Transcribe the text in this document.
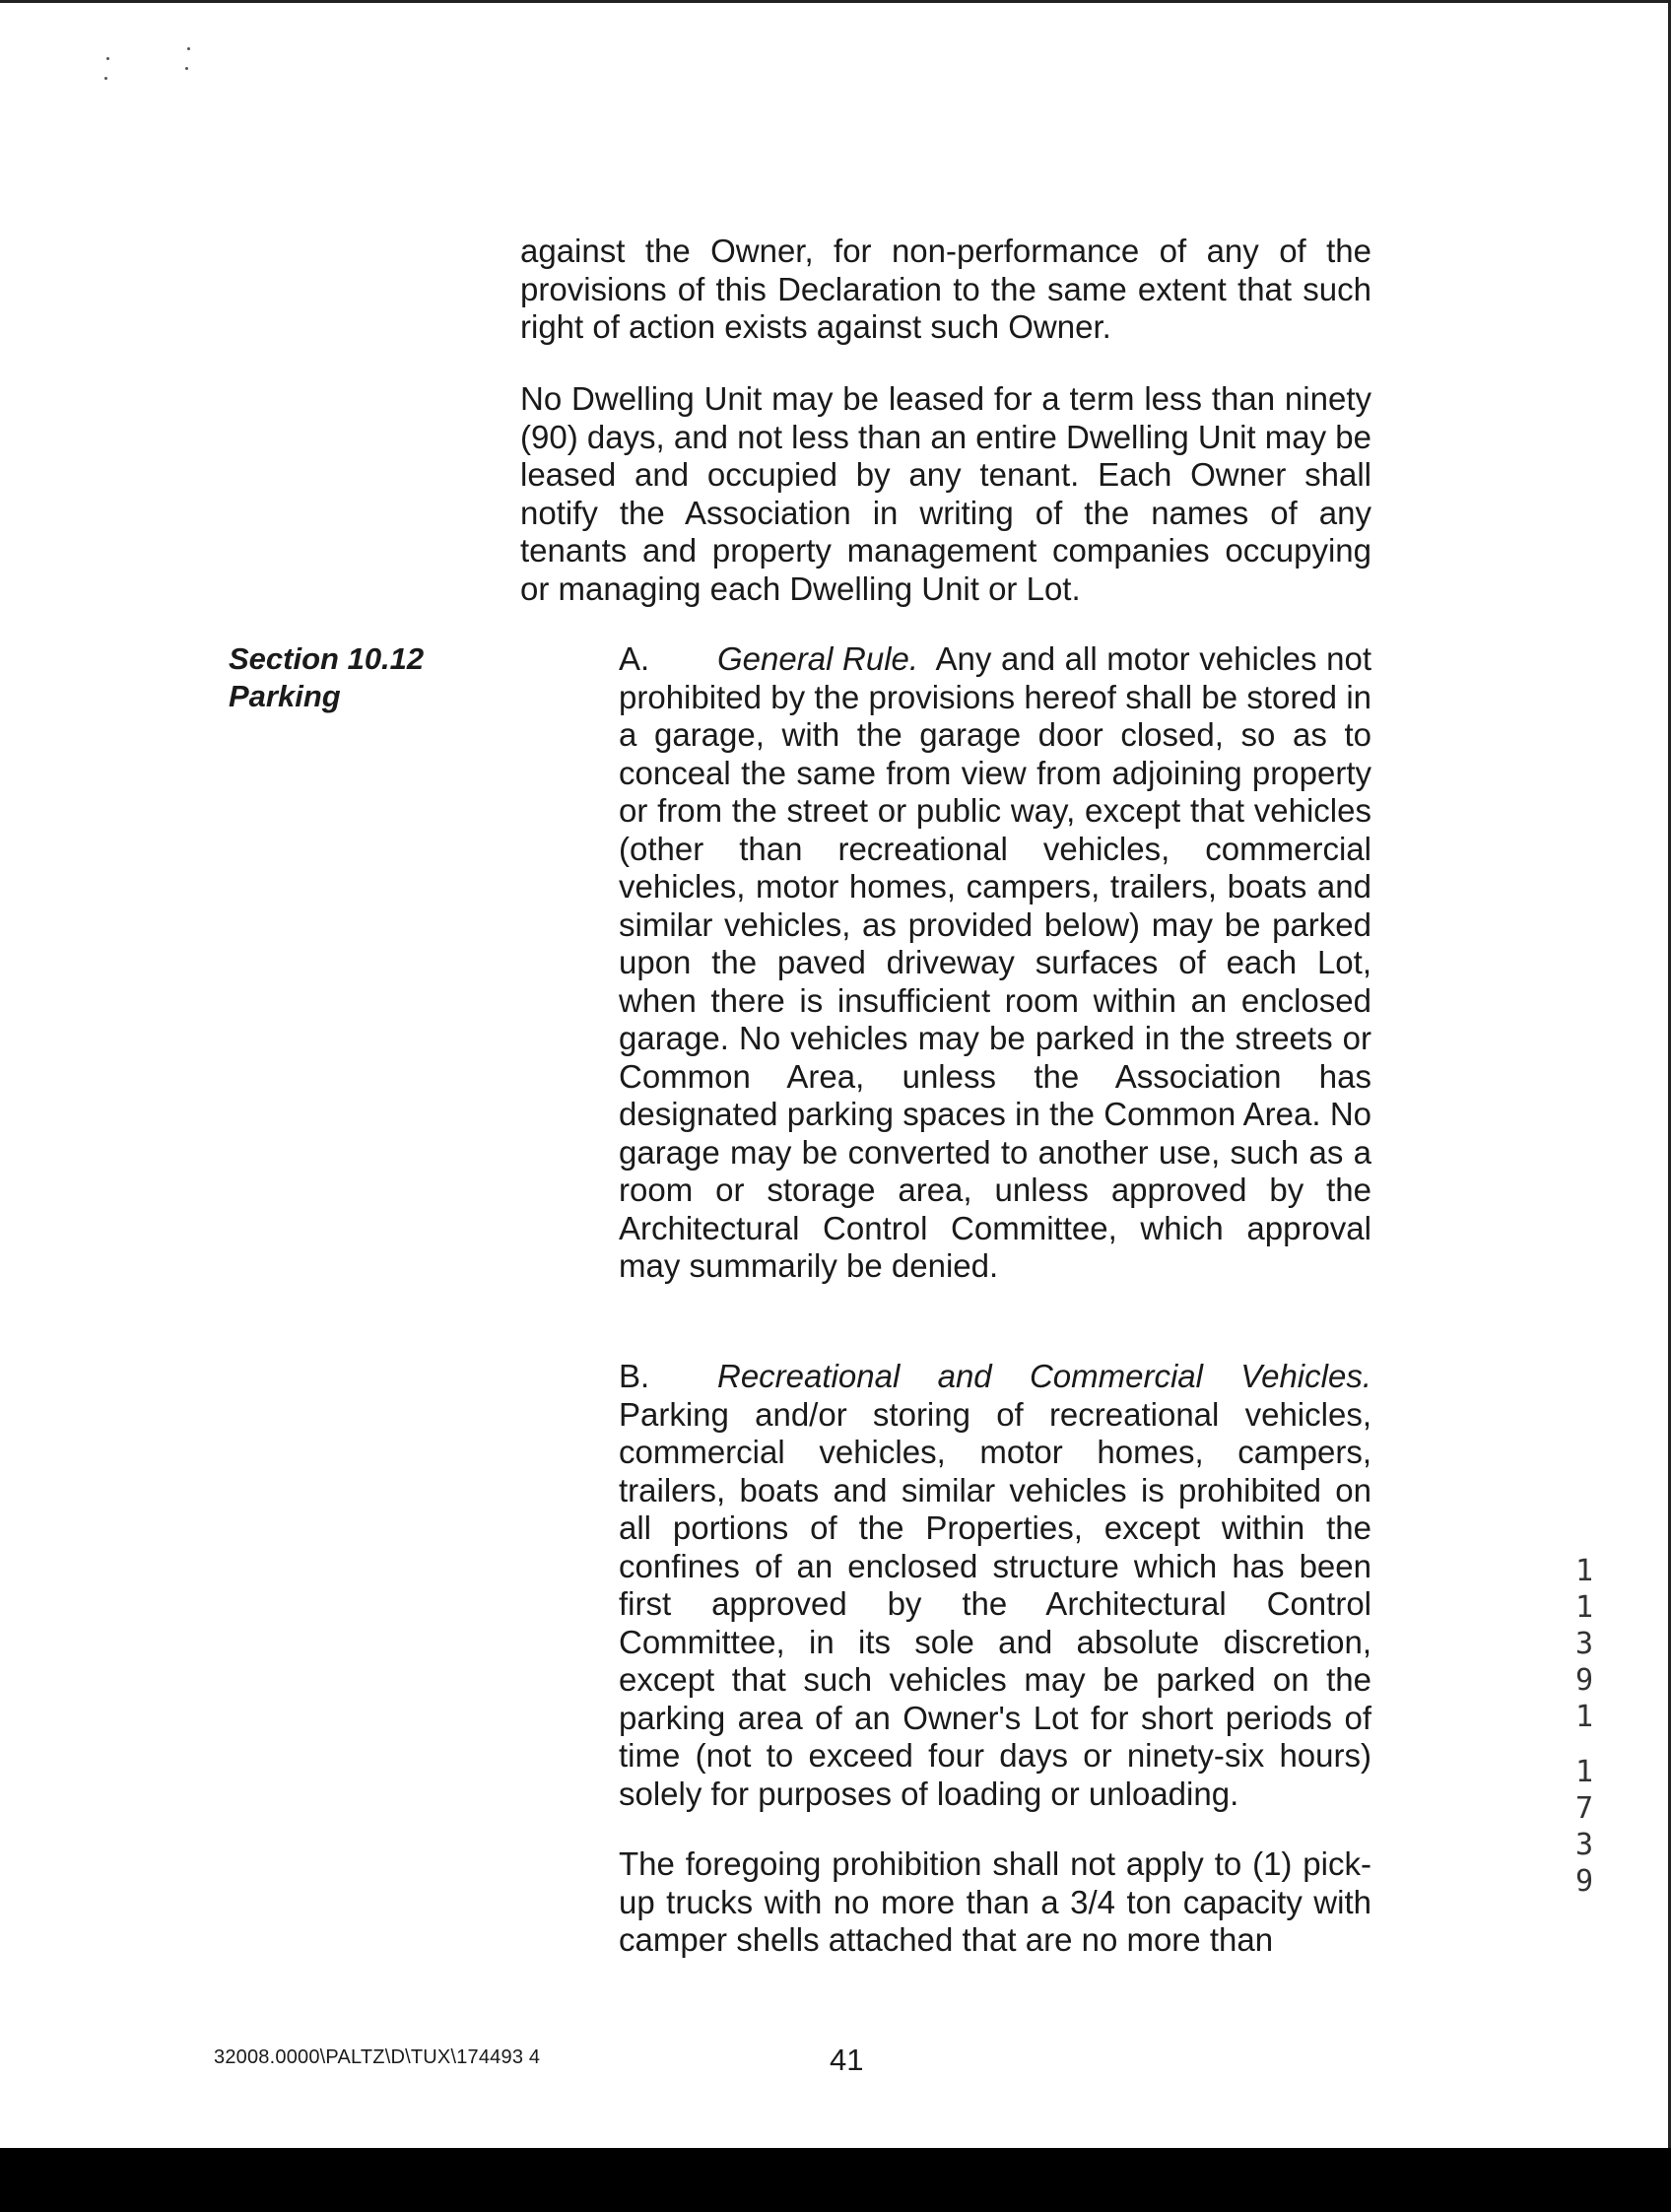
against the Owner, for non-performance of any of the provisions of this Declaration to the same extent that such right of action exists against such Owner.

No Dwelling Unit may be leased for a term less than ninety (90) days, and not less than an entire Dwelling Unit may be leased and occupied by any tenant. Each Owner shall notify the Association in writing of the names of any tenants and property management companies occupying or managing each Dwelling Unit or Lot.

Section 10.12
Parking

A. General Rule. Any and all motor vehicles not prohibited by the provisions hereof shall be stored in a garage, with the garage door closed, so as to conceal the same from view from adjoining property or from the street or public way, except that vehicles (other than recreational vehicles, commercial vehicles, motor homes, campers, trailers, boats and similar vehicles, as provided below) may be parked upon the paved driveway surfaces of each Lot, when there is insufficient room within an enclosed garage. No vehicles may be parked in the streets or Common Area, unless the Association has designated parking spaces in the Common Area. No garage may be converted to another use, such as a room or storage area, unless approved by the Architectural Control Committee, which approval may summarily be denied.

B. Recreational and Commercial Vehicles. Parking and/or storing of recreational vehicles, commercial vehicles, motor homes, campers, trailers, boats and similar vehicles is prohibited on all portions of the Properties, except within the confines of an enclosed structure which has been first approved by the Architectural Control Committee, in its sole and absolute discretion, except that such vehicles may be parked on the parking area of an Owner's Lot for short periods of time (not to exceed four days or ninety-six hours) solely for purposes of loading or unloading.

The foregoing prohibition shall not apply to (1) pick-up trucks with no more than a 3/4 ton capacity with camper shells attached that are no more than

32008.0000\PALTZ\D\TUX\174493 4	41
1
1
3
9
1
1
7
3
9
